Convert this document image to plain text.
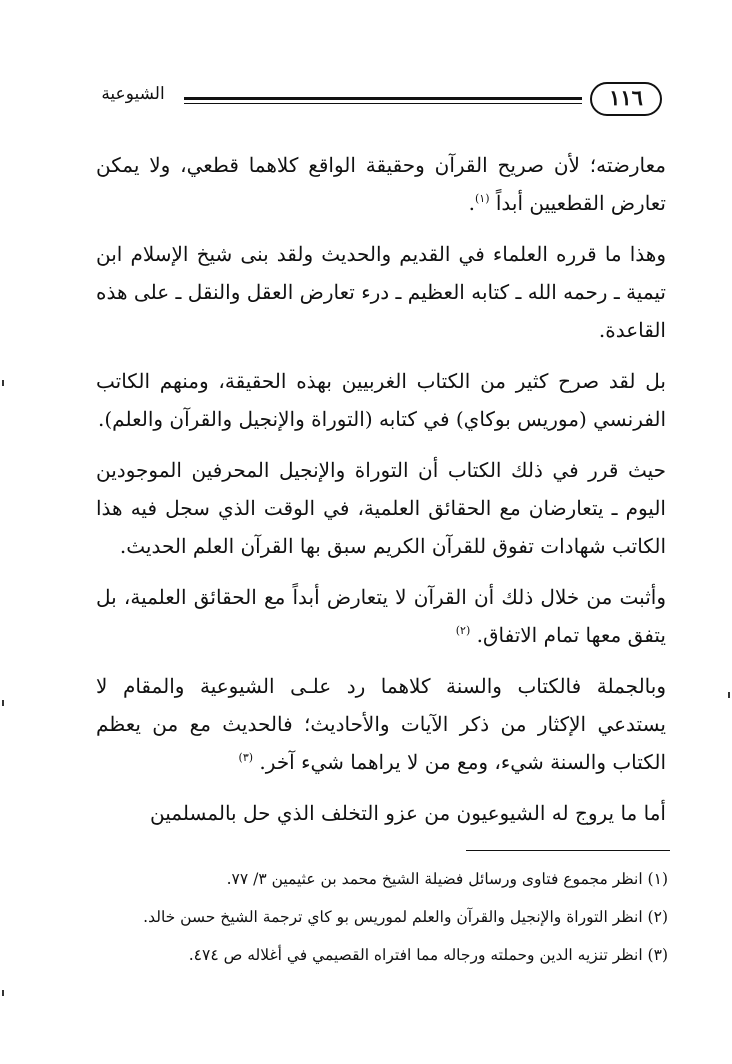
الشيوعية	١١٦

معارضته؛ لأن صريح القرآن وحقيقة الواقع كلاهما قطعي، ولا يمكن تعارض القطعيين أبداً $^{(١)}$.

وهذا ما قرره العلماء في القديم والحديث ولقد بنى شيخ الإسلام ابن تيمية ـ رحمه الله ـ كتابه العظيم ـ درء تعارض العقل والنقل ـ على هذه القاعدة.

بل لقد صرح كثير من الكتاب الغربيين بهذه الحقيقة، ومنهم الكاتب الفرنسي (موريس بوكاي) في كتابه (التوراة والإنجيل والقرآن والعلم).

حيث قرر في ذلك الكتاب أن التوراة والإنجيل المحرفين الموجودين اليوم ـ يتعارضان مع الحقائق العلمية، في الوقت الذي سجل فيه هذا الكاتب شهادات تفوق للقرآن الكريم سبق بها القرآن العلم الحديث.

وأثبت من خلال ذلك أن القرآن لا يتعارض أبداً مع الحقائق العلمية، بل يتفق معها تمام الاتفاق. $^{(٢)}$

وبالجملة فالكتاب والسنة كلاهما رد علـى الشيوعية والمقام لا يستدعي الإكثار من ذكر الآيات والأحاديث؛ فالحديث مع من يعظم الكتاب والسنة شيء، ومع من لا يراهما شيء آخر. $^{(٣)}$

أما ما يروج له الشيوعيون من عزو التخلف الذي حل بالمسلمين

(١) انظر مجموع فتاوى ورسائل فضيلة الشيخ محمد بن عثيمين ٣/ ٧٧.

(٢) انظر التوراة والإنجيل والقرآن والعلم لموريس بو كاي ترجمة الشيخ حسن خالد.

(٣) انظر تنزيه الدين وحملته ورجاله مما افتراه القصيمي في أغلاله ص ٤٧٤.
